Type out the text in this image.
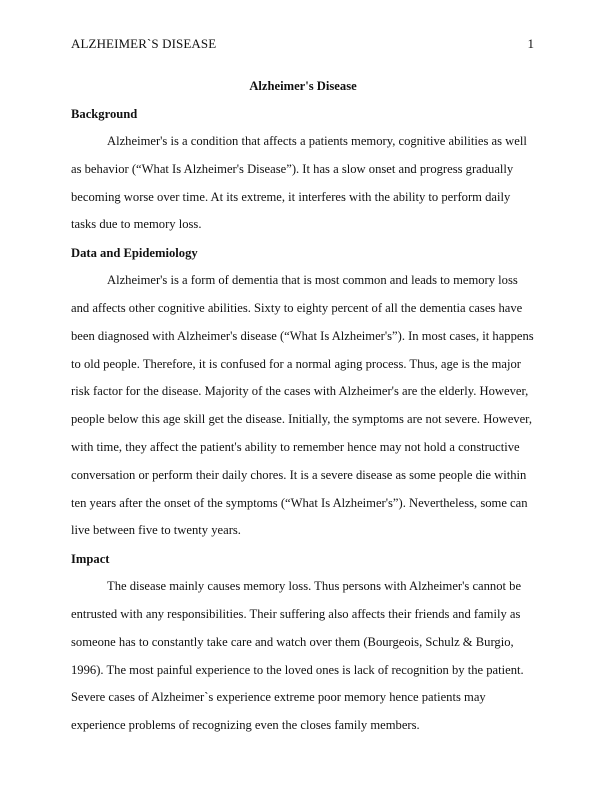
ALZHEIMER`S DISEASE	1

Alzheimer's Disease

Background

Alzheimer's is a condition that affects a patients memory, cognitive abilities as well as behavior (“What Is Alzheimer's Disease”). It has a slow onset and progress gradually becoming worse over time. At its extreme, it interferes with the ability to perform daily tasks due to memory loss.

Data and Epidemiology

Alzheimer's is a form of dementia that is most common and leads to memory loss and affects other cognitive abilities. Sixty to eighty percent of all the dementia cases have been diagnosed with Alzheimer's disease (“What Is Alzheimer's”). In most cases, it happens to old people. Therefore, it is confused for a normal aging process. Thus, age is the major risk factor for the disease. Majority of the cases with Alzheimer's are the elderly. However, people below this age skill get the disease. Initially, the symptoms are not severe. However, with time, they affect the patient's ability to remember hence may not hold a constructive conversation or perform their daily chores. It is a severe disease as some people die within ten years after the onset of the symptoms (“What Is Alzheimer's”). Nevertheless, some can live between five to twenty years.

Impact

The disease mainly causes memory loss. Thus persons with Alzheimer's cannot be entrusted with any responsibilities. Their suffering also affects their friends and family as someone has to constantly take care and watch over them (Bourgeois, Schulz & Burgio, 1996). The most painful experience to the loved ones is lack of recognition by the patient. Severe cases of Alzheimer`s experience extreme poor memory hence patients may experience problems of recognizing even the closes family members.
